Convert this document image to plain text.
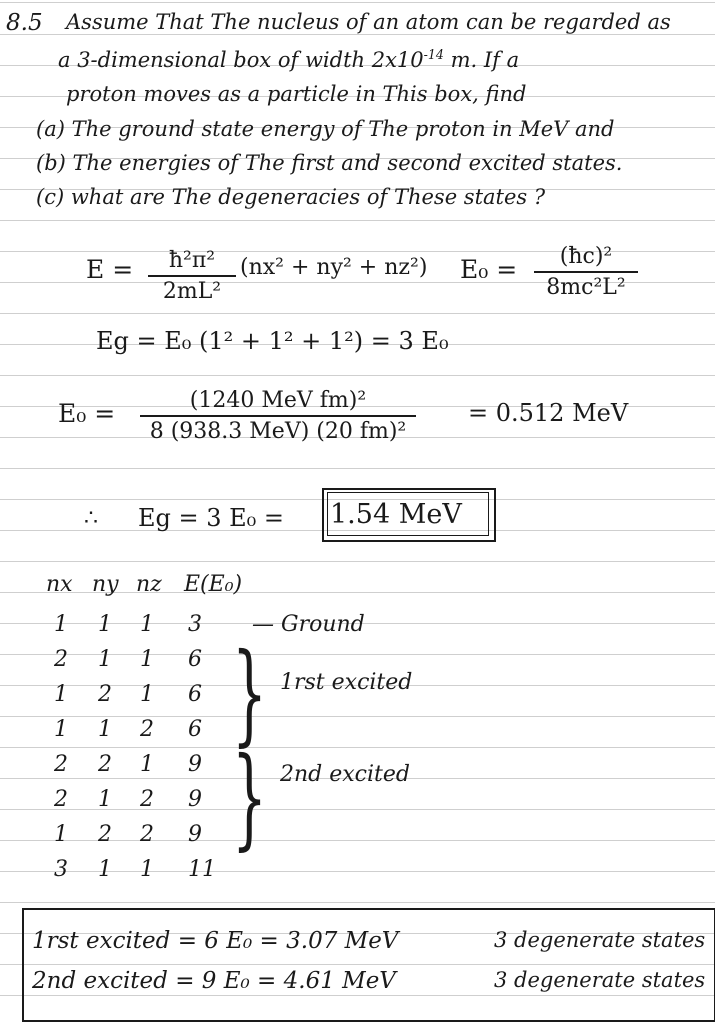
8.5 Assume That The nucleus of an atom can be regarded as
a 3-dimensional box of width $2x10^{-14}$ m. If a
proton moves as a particle in This box, find
(a) The ground state energy of The proton in MeV and
(b) The energies of The first and second excited states.
(c) what are The degeneracies of These states ?
$E = \frac{\text{ħ²π²}}{\text{2mL²}} (nx^2 + ny^2 + nz^2) E_0 = \frac{\text{(ħc)²}}{\text{8mc²L²}}$
Eg = E₀ (1² + 1² + 1²) = 3 E₀
E₀ =	(1240 MeV fm)²
8 (938.3 MeV) (20 fm)²
= 0.512 MeV
∴ Eg = 3 E₀ = 1.54 MeV
nx ny nz E(E₀)
1 1 1 3
2 1 1 6
1 2 1 6
1 1 2 6
2 2 1 9
2 1 2 9
1 2 2 9
3 1 1 11
— Ground
} 1rst excited
} 2nd excited
1rst excited = 6 E₀ = 3.07 MeV	3 degenerate states
2nd excited = 9 E₀ = 4.61 MeV	3 degenerate states
